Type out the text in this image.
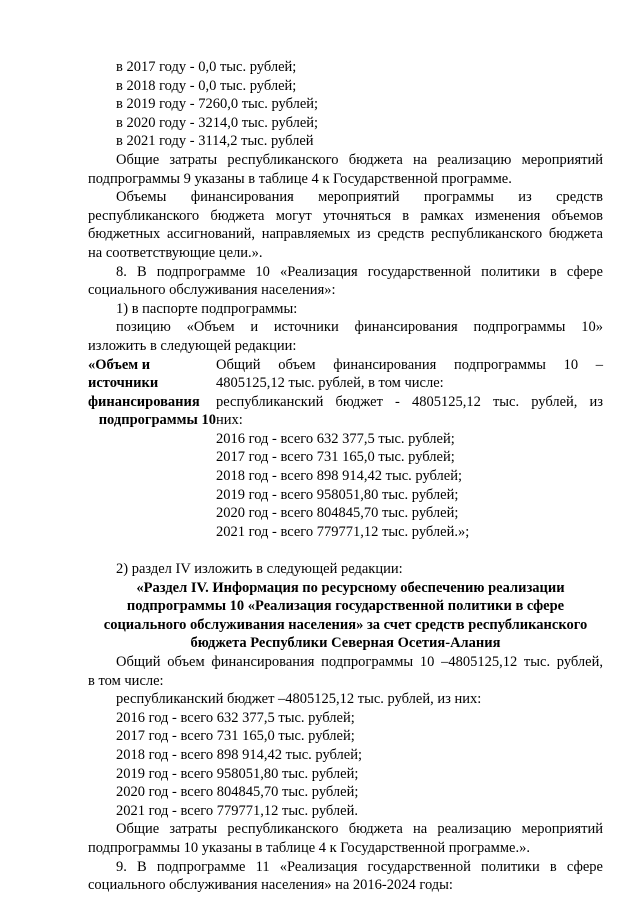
в 2017 году - 0,0 тыс. рублей;
в 2018 году - 0,0 тыс. рублей;
в 2019 году - 7260,0 тыс. рублей;
в 2020 году - 3214,0 тыс. рублей;
в 2021 году - 3114,2 тыс. рублей
Общие затраты республиканского бюджета на реализацию мероприятий
подпрограммы 9 указаны в таблице 4 к Государственной программе.
Объемы финансирования мероприятий программы из средств
республиканского бюджета могут уточняться в рамках изменения объемов
бюджетных ассигнований, направляемых из средств республиканского бюджета
на соответствующие цели.».
8. В подпрограмме 10 «Реализация государственной политики в сфере
социального обслуживания населения»:
1) в паспорте подпрограммы:
позицию «Объем и источники финансирования подпрограммы 10»
изложить в следующей редакции:
«Объем и
источники
финансирования
подпрограммы 10
Общий объем финансирования подпрограммы 10 –
4805125,12 тыс. рублей, в том числе:
республиканский бюджет - 4805125,12 тыс. рублей, из
них:
2016 год - всего 632 377,5 тыс. рублей;
2017 год - всего 731 165,0 тыс. рублей;
2018 год - всего 898 914,42 тыс. рублей;
2019 год - всего 958051,80 тыс. рублей;
2020 год - всего 804845,70 тыс. рублей;
2021 год - всего 779771,12 тыс. рублей.»;
2) раздел IV изложить в следующей редакции:
«Раздел IV. Информация по ресурсному обеспечению реализации
подпрограммы 10 «Реализация государственной политики в сфере
социального обслуживания населения» за счет средств республиканского
бюджета Республики Северная Осетия-Алания
Общий объем финансирования подпрограммы 10 –4805125,12 тыс. рублей,
в том числе:
республиканский бюджет –4805125,12 тыс. рублей, из них:
2016 год - всего 632 377,5 тыс. рублей;
2017 год - всего 731 165,0 тыс. рублей;
2018 год - всего 898 914,42 тыс. рублей;
2019 год - всего 958051,80 тыс. рублей;
2020 год - всего 804845,70 тыс. рублей;
2021 год - всего 779771,12 тыс. рублей.
Общие затраты республиканского бюджета на реализацию мероприятий
подпрограммы 10 указаны в таблице 4 к Государственной программе.».
9. В подпрограмме 11 «Реализация государственной политики в сфере
социального обслуживания населения» на 2016-2024 годы:
